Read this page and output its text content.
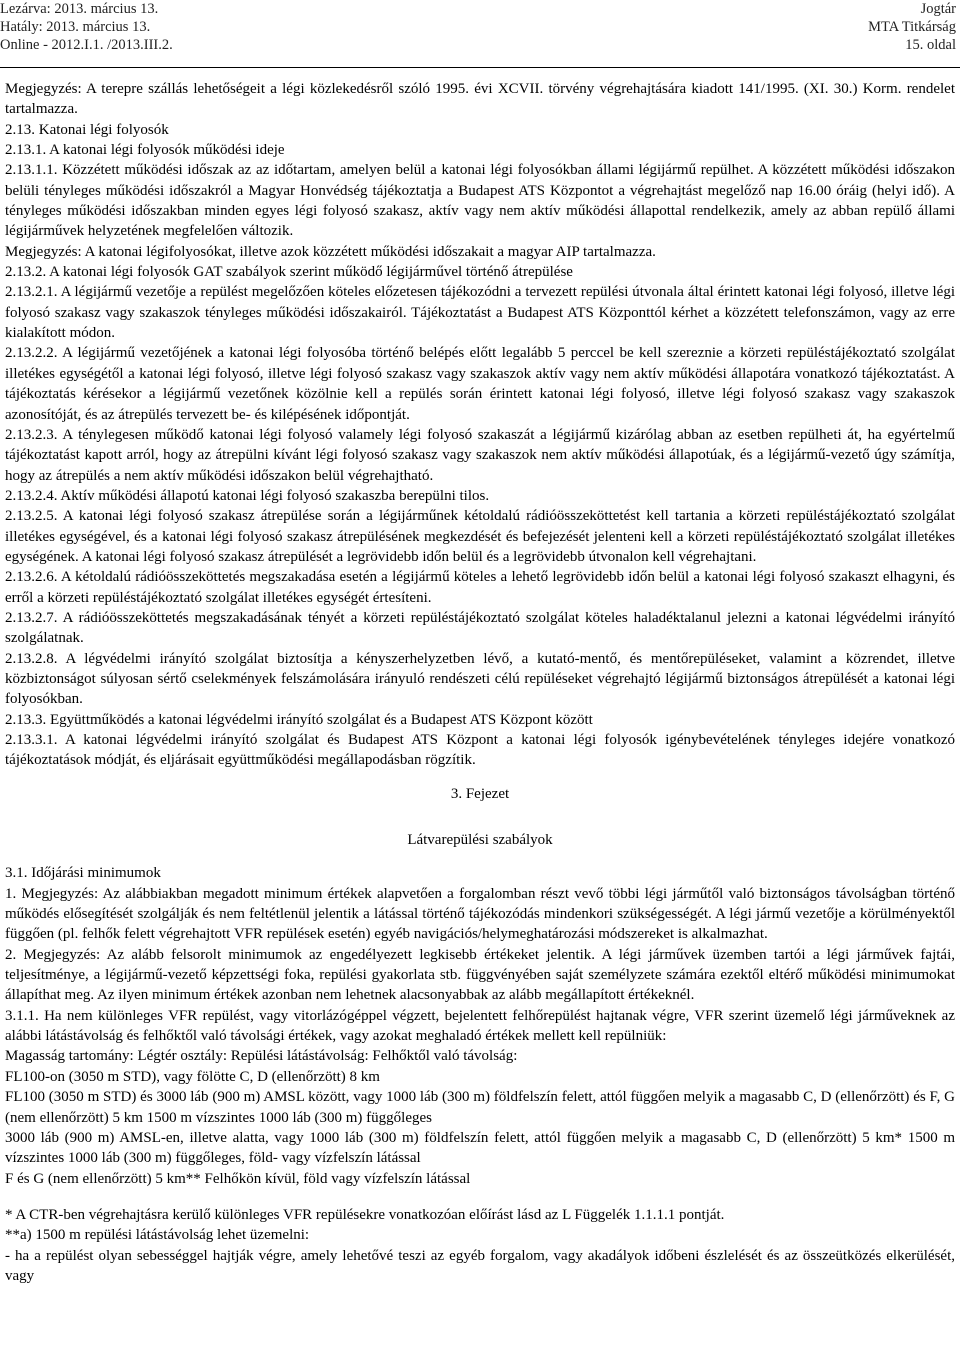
Lezárva: 2013. március 13.
Hatály: 2013. március 13.
Online - 2012.I.1. /2013.III.2.
Jogtár
MTA Titkárság
15. oldal

Megjegyzés: A terepre szállás lehetőségeit a légi közlekedésről szóló 1995. évi XCVII. törvény végrehajtására kiadott 141/1995. (XI. 30.) Korm. rendelet tartalmazza.

2.13. Katonai légi folyosók

2.13.1. A katonai légi folyosók működési ideje

2.13.1.1. Közzétett működési időszak az az időtartam, amelyen belül a katonai légi folyosókban állami légijármű repülhet. A közzétett működési időszakon belüli tényleges működési időszakról a Magyar Honvédség tájékoztatja a Budapest ATS Központot a végrehajtást megelőző nap 16.00 óráig (helyi idő). A tényleges működési időszakban minden egyes légi folyosó szakasz, aktív vagy nem aktív működési állapottal rendelkezik, amely az abban repülő állami légijárművek helyzetének megfelelően változik.

Megjegyzés: A katonai légifolyosókat, illetve azok közzétett működési időszakait a magyar AIP tartalmazza.

2.13.2. A katonai légi folyosók GAT szabályok szerint működő légijárművel történő átrepülése

2.13.2.1. A légijármű vezetője a repülést megelőzően köteles előzetesen tájékozódni a tervezett repülési útvonala által érintett katonai légi folyosó, illetve légi folyosó szakasz vagy szakaszok tényleges működési időszakairól. Tájékoztatást a Budapest ATS Központtól kérhet a közzétett telefonszámon, vagy az erre kialakított módon.

2.13.2.2. A légijármű vezetőjének a katonai légi folyosóba történő belépés előtt legalább 5 perccel be kell szereznie a körzeti repüléstájékoztató szolgálat illetékes egységétől a katonai légi folyosó, illetve légi folyosó szakasz vagy szakaszok aktív vagy nem aktív működési állapotára vonatkozó tájékoztatást. A tájékoztatás kérésekor a légijármű vezetőnek közölnie kell a repülés során érintett katonai légi folyosó, illetve légi folyosó szakasz vagy szakaszok azonosítóját, és az átrepülés tervezett be- és kilépésének időpontját.

2.13.2.3. A ténylegesen működő katonai légi folyosó valamely légi folyosó szakaszát a légijármű kizárólag abban az esetben repülheti át, ha egyértelmű tájékoztatást kapott arról, hogy az átrepülni kívánt légi folyosó szakasz vagy szakaszok nem aktív működési állapotúak, és a légijármű-vezető úgy számítja, hogy az átrepülés a nem aktív működési időszakon belül végrehajtható.

2.13.2.4. Aktív működési állapotú katonai légi folyosó szakaszba berepülni tilos.

2.13.2.5. A katonai légi folyosó szakasz átrepülése során a légijárműnek kétoldalú rádióösszeköttetést kell tartania a körzeti repüléstájékoztató szolgálat illetékes egységével, és a katonai légi folyosó szakasz átrepülésének megkezdését és befejezését jelenteni kell a körzeti repüléstájékoztató szolgálat illetékes egységének. A katonai légi folyosó szakasz átrepülését a legrövidebb időn belül és a legrövidebb útvonalon kell végrehajtani.

2.13.2.6. A kétoldalú rádióösszeköttetés megszakadása esetén a légijármű köteles a lehető legrövidebb időn belül a katonai légi folyosó szakaszt elhagyni, és erről a körzeti repüléstájékoztató szolgálat illetékes egységét értesíteni.

2.13.2.7. A rádióösszeköttetés megszakadásának tényét a körzeti repüléstájékoztató szolgálat köteles haladéktalanul jelezni a katonai légvédelmi irányító szolgálatnak.

2.13.2.8. A légvédelmi irányító szolgálat biztosítja a kényszerhelyzetben lévő, a kutató-mentő, és mentőrepüléseket, valamint a közrendet, illetve közbiztonságot súlyosan sértő cselekmények felszámolására irányuló rendészeti célú repüléseket végrehajtó légijármű biztonságos átrepülését a katonai légi folyosókban.

2.13.3. Együttműködés a katonai légvédelmi irányító szolgálat és a Budapest ATS Központ között

2.13.3.1. A katonai légvédelmi irányító szolgálat és Budapest ATS Központ a katonai légi folyosók igénybevételének tényleges idejére vonatkozó tájékoztatások módját, és eljárásait együttműködési megállapodásban rögzítik.

3. Fejezet

Látvarepülési szabályok

3.1. Időjárási minimumok

1. Megjegyzés: Az alábbiakban megadott minimum értékek alapvetően a forgalomban részt vevő többi légi járműtől való biztonságos távolságban történő működés elősegítését szolgálják és nem feltétlenül jelentik a látással történő tájékozódás mindenkori szükségességét. A légi jármű vezetője a körülményektől függően (pl. felhők felett végrehajtott VFR repülések esetén) egyéb navigációs/helymeghatározási módszereket is alkalmazhat.

2. Megjegyzés: Az alább felsorolt minimumok az engedélyezett legkisebb értékeket jelentik. A légi járművek üzemben tartói a légi járművek fajtái, teljesítménye, a légijármű-vezető képzettségi foka, repülési gyakorlata stb. függvényében saját személyzete számára ezektől eltérő működési minimumokat állapíthat meg. Az ilyen minimum értékek azonban nem lehetnek alacsonyabbak az alább megállapított értékeknél.

3.1.1. Ha nem különleges VFR repülést, vagy vitorlázógéppel végzett, bejelentett felhőrepülést hajtanak végre, VFR szerint üzemelő légi járműveknek az alábbi látástávolság és felhőktől való távolsági értékek, vagy azokat meghaladó értékek mellett kell repülniük:

Magasság tartomány: Légtér osztály: Repülési látástávolság: Felhőktől való távolság:

FL100-on (3050 m STD), vagy fölötte C, D (ellenőrzött) 8 km

FL100 (3050 m STD) és 3000 láb (900 m) AMSL között, vagy 1000 láb (300 m) földfelszín felett, attól függően melyik a magasabb C, D (ellenőrzött) és F, G (nem ellenőrzött) 5 km 1500 m vízszintes 1000 láb (300 m) függőleges

3000 láb (900 m) AMSL-en, illetve alatta, vagy 1000 láb (300 m) földfelszín felett, attól függően melyik a magasabb C, D (ellenőrzött) 5 km* 1500 m vízszintes 1000 láb (300 m) függőleges, föld- vagy vízfelszín látással

F és G (nem ellenőrzött) 5 km** Felhőkön kívül, föld vagy vízfelszín látással

* A CTR-ben végrehajtásra kerülő különleges VFR repülésekre vonatkozóan előírást lásd az L Függelék 1.1.1.1 pontját.

**a) 1500 m repülési látástávolság lehet üzemelni:

- ha a repülést olyan sebességgel hajtják végre, amely lehetővé teszi az egyéb forgalom, vagy akadályok időbeni észlelését és az összeütközés elkerülését, vagy
